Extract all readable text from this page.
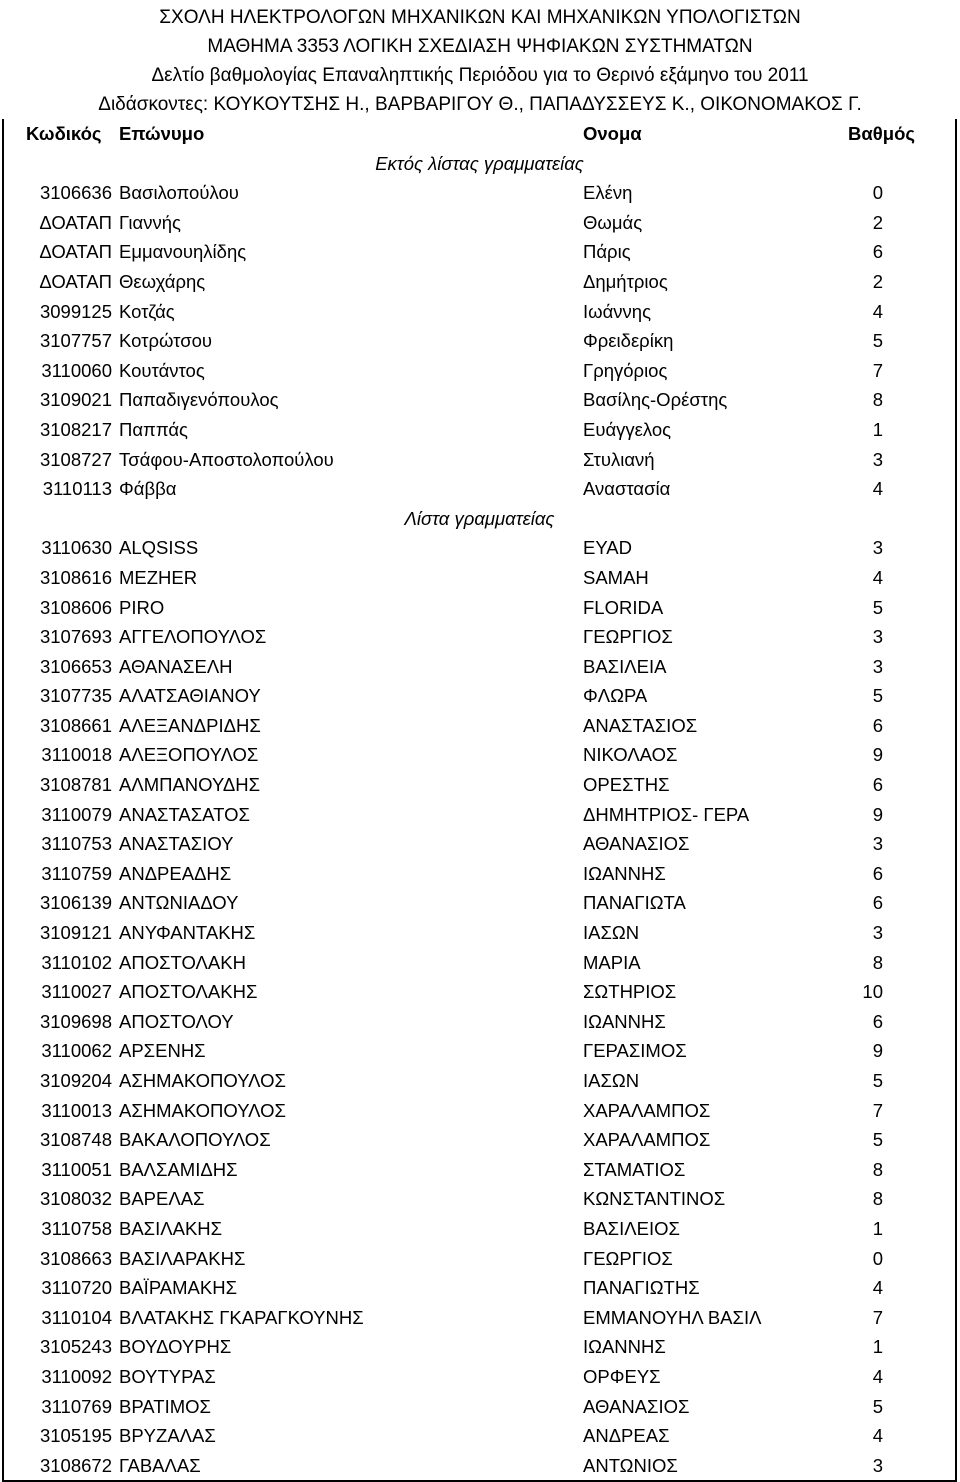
ΣΧΟΛΗ ΗΛΕΚΤΡΟΛΟΓΩΝ ΜΗΧΑΝΙΚΩΝ ΚΑΙ ΜΗΧΑΝΙΚΩΝ ΥΠΟΛΟΓΙΣΤΩΝ
ΜΑΘΗΜΑ 3353 ΛΟΓΙΚΗ ΣΧΕΔΙΑΣΗ ΨΗΦΙΑΚΩΝ ΣΥΣΤΗΜΑΤΩΝ
Δελτίο βαθμολογίας Επαναληπτικής Περιόδου για το Θερινό εξάμηνο του 2011
Διδάσκοντες: ΚΟΥΚΟΥΤΣΗΣ Η., ΒΑΡΒΑΡΙΓΟΥ Θ., ΠΑΠΑΔΥΣΣΕΥΣ Κ., ΟΙΚΟΝΟΜΑΚΟΣ Γ.
Κωδικός Επώνυμο	Ονομα	Βαθμός
Εκτός λίστας γραμματείας
3106636 Βασιλοπούλου	Ελένη	0
ΔΟΑΤΑΠ Γιαννής	Θωμάς	2
ΔΟΑΤΑΠ Εμμανουηλίδης	Πάρις	6
ΔΟΑΤΑΠ Θεωχάρης	Δημήτριος	2
3099125 Κοτζάς	Ιωάννης	4
3107757 Κοτρώτσου	Φρειδερίκη	5
3110060 Κουτάντος	Γρηγόριος	7
3109021 Παπαδιγενόπουλος	Βασίλης-Ορέστης	8
3108217 Παππάς	Ευάγγελος	1
3108727 Τσάφου-Αποστολοπούλου	Στυλιανή	3
3110113 Φάββα	Αναστασία	4
Λίστα γραμματείας
3110630 ALQSISS	EYAD	3
3108616 MEZHER	SAMAH	4
3108606 PIRO	FLORIDA	5
3107693 ΑΓΓΕΛΟΠΟΥΛΟΣ	ΓΕΩΡΓΙΟΣ	3
3106653 ΑΘΑΝΑΣΕΛΗ	ΒΑΣΙΛΕΙΑ	3
3107735 ΑΛΑΤΣΑΘΙΑΝΟΥ	ΦΛΩΡΑ	5
3108661 ΑΛΕΞΑΝΔΡΙΔΗΣ	ΑΝΑΣΤΑΣΙΟΣ	6
3110018 ΑΛΕΞΟΠΟΥΛΟΣ	ΝΙΚΟΛΑΟΣ	9
3108781 ΑΛΜΠΑΝΟΥΔΗΣ	ΟΡΕΣΤΗΣ	6
3110079 ΑΝΑΣΤΑΣΑΤΟΣ	ΔΗΜΗΤΡΙΟΣ- ΓΕΡΑ	9
3110753 ΑΝΑΣΤΑΣΙΟΥ	ΑΘΑΝΑΣΙΟΣ	3
3110759 ΑΝΔΡΕΑΔΗΣ	ΙΩΑΝΝΗΣ	6
3106139 ΑΝΤΩΝΙΑΔΟΥ	ΠΑΝΑΓΙΩΤΑ	6
3109121 ΑΝΥΦΑΝΤΑΚΗΣ	ΙΑΣΩΝ	3
3110102 ΑΠΟΣΤΟΛΑΚΗ	ΜΑΡΙΑ	8
3110027 ΑΠΟΣΤΟΛΑΚΗΣ	ΣΩΤΗΡΙΟΣ	10
3109698 ΑΠΟΣΤΟΛΟΥ	ΙΩΑΝΝΗΣ	6
3110062 ΑΡΣΕΝΗΣ	ΓΕΡΑΣΙΜΟΣ	9
3109204 ΑΣΗΜΑΚΟΠΟΥΛΟΣ	ΙΑΣΩΝ	5
3110013 ΑΣΗΜΑΚΟΠΟΥΛΟΣ	ΧΑΡΑΛΑΜΠΟΣ	7
3108748 ΒΑΚΑΛΟΠΟΥΛΟΣ	ΧΑΡΑΛΑΜΠΟΣ	5
3110051 ΒΑΛΣΑΜΙΔΗΣ	ΣΤΑΜΑΤΙΟΣ	8
3108032 ΒΑΡΕΛΑΣ	ΚΩΝΣΤΑΝΤΙΝΟΣ	8
3110758 ΒΑΣΙΛΑΚΗΣ	ΒΑΣΙΛΕΙΟΣ	1
3108663 ΒΑΣΙΛΑΡΑΚΗΣ	ΓΕΩΡΓΙΟΣ	0
3110720 ΒΑΪΡΑΜΑΚΗΣ	ΠΑΝΑΓΙΩΤΗΣ	4
3110104 ΒΛΑΤΑΚΗΣ ΓΚΑΡΑΓΚΟΥΝΗΣ	ΕΜΜΑΝΟΥΗΛ ΒΑΣΙΛ	7
3105243 ΒΟΥΔΟΥΡΗΣ	ΙΩΑΝΝΗΣ	1
3110092 ΒΟΥΤΥΡΑΣ	ΟΡΦΕΥΣ	4
3110769 ΒΡΑΤΙΜΟΣ	ΑΘΑΝΑΣΙΟΣ	5
3105195 ΒΡΥΖΑΛΑΣ	ΑΝΔΡΕΑΣ	4
3108672 ΓΑΒΑΛΑΣ	ΑΝΤΩΝΙΟΣ	3
